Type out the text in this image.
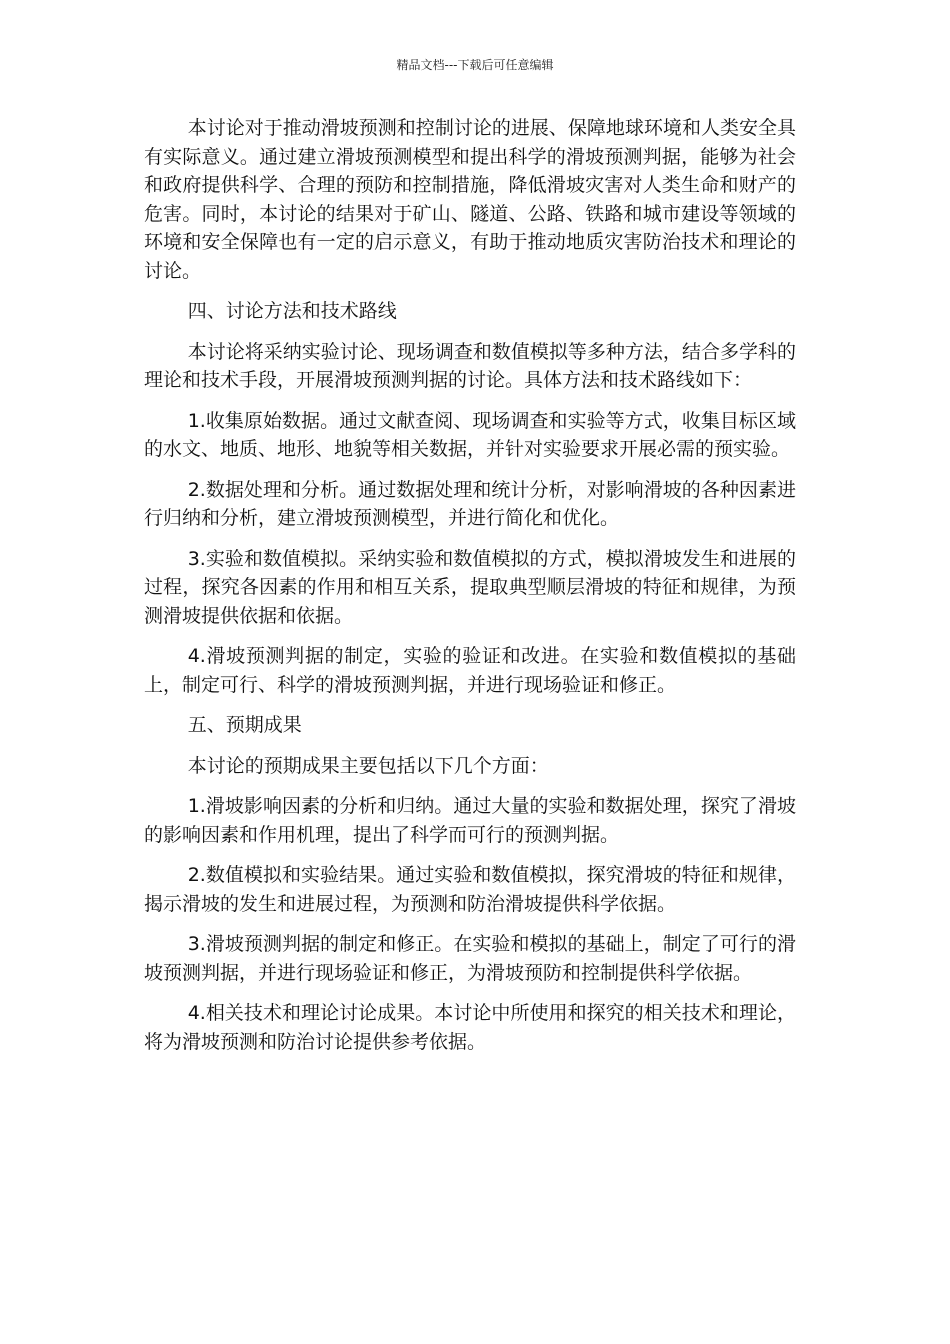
精品文档---下载后可任意编辑

本讨论对于推动滑坡预测和控制讨论的进展、保障地球环境和人类安全具有实际意义。通过建立滑坡预测模型和提出科学的滑坡预测判据，能够为社会和政府提供科学、合理的预防和控制措施，降低滑坡灾害对人类生命和财产的危害。同时，本讨论的结果对于矿山、隧道、公路、铁路和城市建设等领域的环境和安全保障也有一定的启示意义，有助于推动地质灾害防治技术和理论的讨论。

四、讨论方法和技术路线

本讨论将采纳实验讨论、现场调查和数值模拟等多种方法，结合多学科的理论和技术手段，开展滑坡预测判据的讨论。具体方法和技术路线如下：

1.收集原始数据。通过文献查阅、现场调查和实验等方式，收集目标区域的水文、地质、地形、地貌等相关数据，并针对实验要求开展必需的预实验。

2.数据处理和分析。通过数据处理和统计分析，对影响滑坡的各种因素进行归纳和分析，建立滑坡预测模型，并进行简化和优化。

3.实验和数值模拟。采纳实验和数值模拟的方式，模拟滑坡发生和进展的过程，探究各因素的作用和相互关系，提取典型顺层滑坡的特征和规律，为预测滑坡提供依据和依据。

4.滑坡预测判据的制定，实验的验证和改进。在实验和数值模拟的基础上，制定可行、科学的滑坡预测判据，并进行现场验证和修正。

五、预期成果

本讨论的预期成果主要包括以下几个方面：

1.滑坡影响因素的分析和归纳。通过大量的实验和数据处理，探究了滑坡的影响因素和作用机理，提出了科学而可行的预测判据。

2.数值模拟和实验结果。通过实验和数值模拟，探究滑坡的特征和规律，揭示滑坡的发生和进展过程，为预测和防治滑坡提供科学依据。

3.滑坡预测判据的制定和修正。在实验和模拟的基础上，制定了可行的滑坡预测判据，并进行现场验证和修正，为滑坡预防和控制提供科学依据。

4.相关技术和理论讨论成果。本讨论中所使用和探究的相关技术和理论，将为滑坡预测和防治讨论提供参考依据。
